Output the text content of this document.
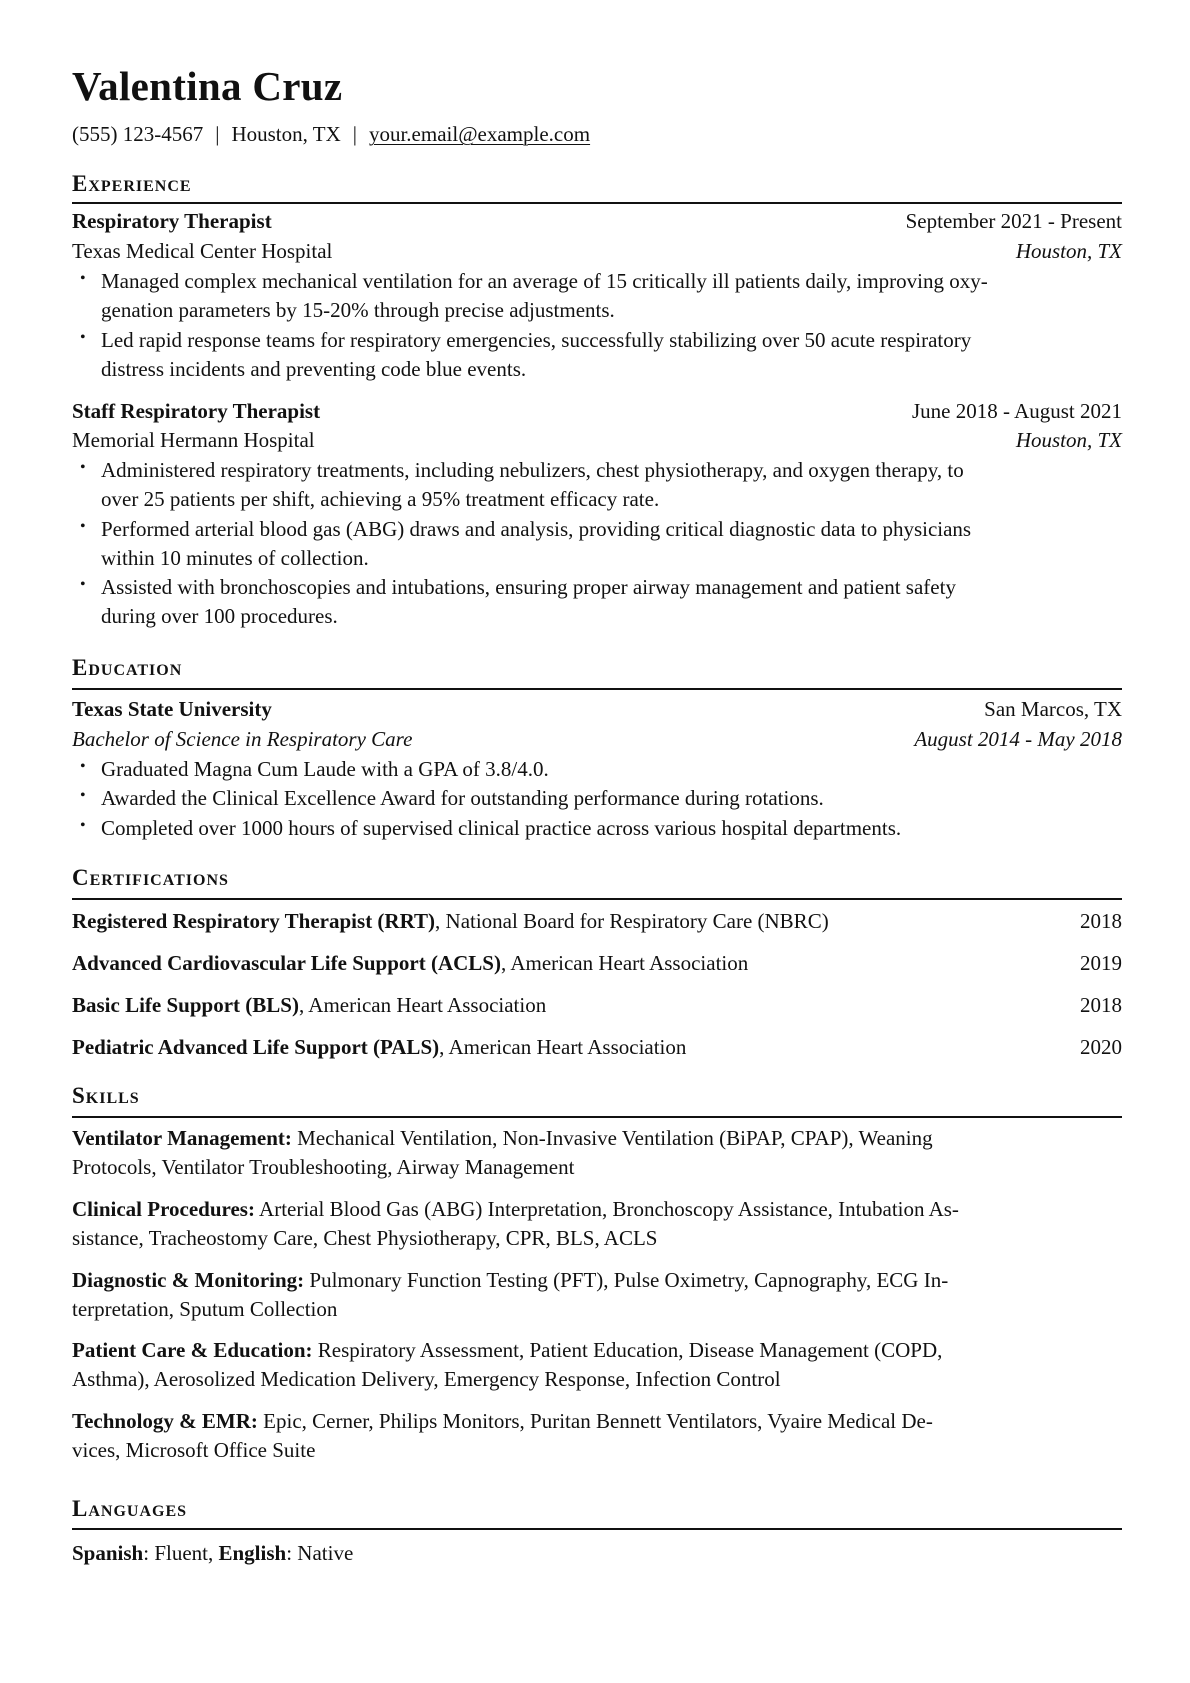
Valentina Cruz
(555) 123-4567 | Houston, TX | your.email@example.com
Experience
Respiratory Therapist	September 2021 - Present
Texas Medical Center Hospital	Houston, TX
• Managed complex mechanical ventilation for an average of 15 critically ill patients daily, improving oxy-
genation parameters by 15-20% through precise adjustments.
• Led rapid response teams for respiratory emergencies, successfully stabilizing over 50 acute respiratory
distress incidents and preventing code blue events.
Staff Respiratory Therapist	June 2018 - August 2021
Memorial Hermann Hospital	Houston, TX
• Administered respiratory treatments, including nebulizers, chest physiotherapy, and oxygen therapy, to
over 25 patients per shift, achieving a 95% treatment efficacy rate.
• Performed arterial blood gas (ABG) draws and analysis, providing critical diagnostic data to physicians
within 10 minutes of collection.
• Assisted with bronchoscopies and intubations, ensuring proper airway management and patient safety
during over 100 procedures.
Education
Texas State University	San Marcos, TX
Bachelor of Science in Respiratory Care	August 2014 - May 2018
• Graduated Magna Cum Laude with a GPA of 3.8/4.0.
• Awarded the Clinical Excellence Award for outstanding performance during rotations.
• Completed over 1000 hours of supervised clinical practice across various hospital departments.
Certifications
Registered Respiratory Therapist (RRT), National Board for Respiratory Care (NBRC)	2018
Advanced Cardiovascular Life Support (ACLS), American Heart Association	2019
Basic Life Support (BLS), American Heart Association	2018
Pediatric Advanced Life Support (PALS), American Heart Association	2020
Skills
Ventilator Management: Mechanical Ventilation, Non-Invasive Ventilation (BiPAP, CPAP), Weaning
Protocols, Ventilator Troubleshooting, Airway Management
Clinical Procedures: Arterial Blood Gas (ABG) Interpretation, Bronchoscopy Assistance, Intubation As-
sistance, Tracheostomy Care, Chest Physiotherapy, CPR, BLS, ACLS
Diagnostic & Monitoring: Pulmonary Function Testing (PFT), Pulse Oximetry, Capnography, ECG In-
terpretation, Sputum Collection
Patient Care & Education: Respiratory Assessment, Patient Education, Disease Management (COPD,
Asthma), Aerosolized Medication Delivery, Emergency Response, Infection Control
Technology & EMR: Epic, Cerner, Philips Monitors, Puritan Bennett Ventilators, Vyaire Medical De-
vices, Microsoft Office Suite
Languages
Spanish: Fluent, English: Native
